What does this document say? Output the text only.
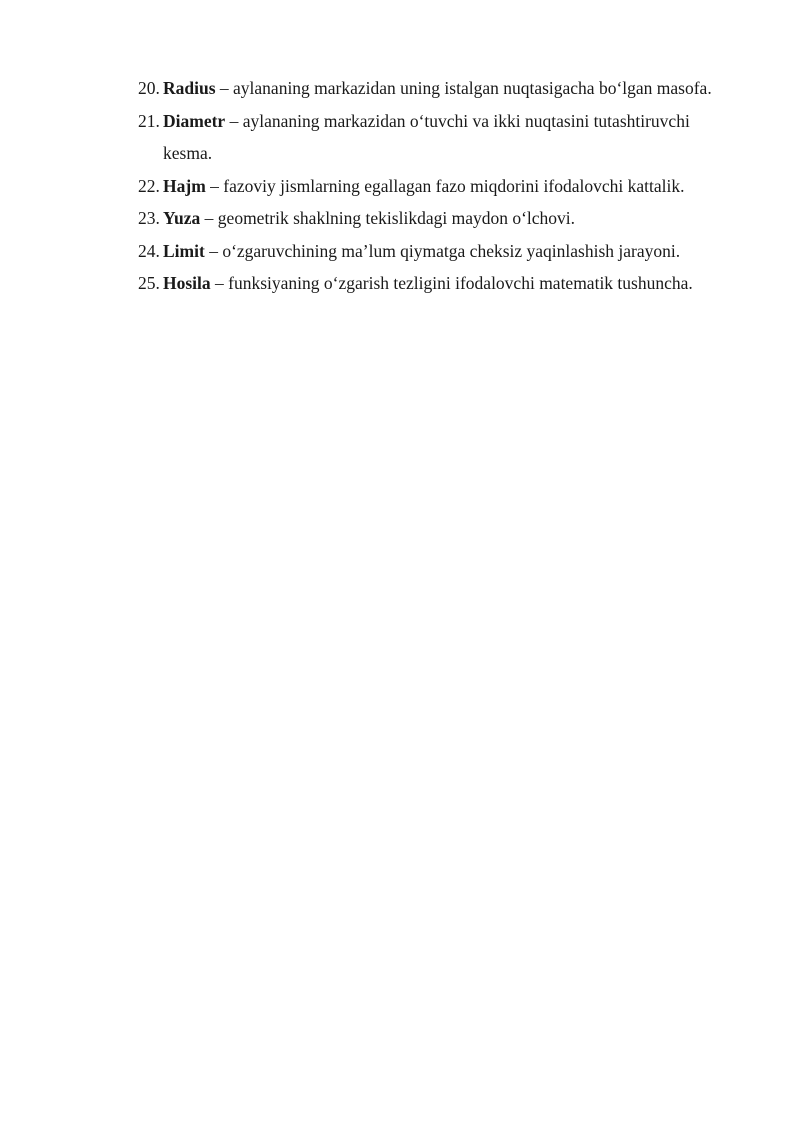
20. Radius – aylananing markazidan uning istalgan nuqtasigacha bo‘lgan masofa.
21. Diametr – aylananing markazidan o‘tuvchi va ikki nuqtasini tutashtiruvchi kesma.
22. Hajm – fazoviy jismlarning egallagan fazo miqdorini ifodalovchi kattalik.
23. Yuza – geometrik shaklning tekislikdagi maydon o‘lchovi.
24. Limit – o‘zgaruvchining ma’lum qiymatga cheksiz yaqinlashish jarayoni.
25. Hosila – funksiyaning o‘zgarish tezligini ifodalovchi matematik tushuncha.
